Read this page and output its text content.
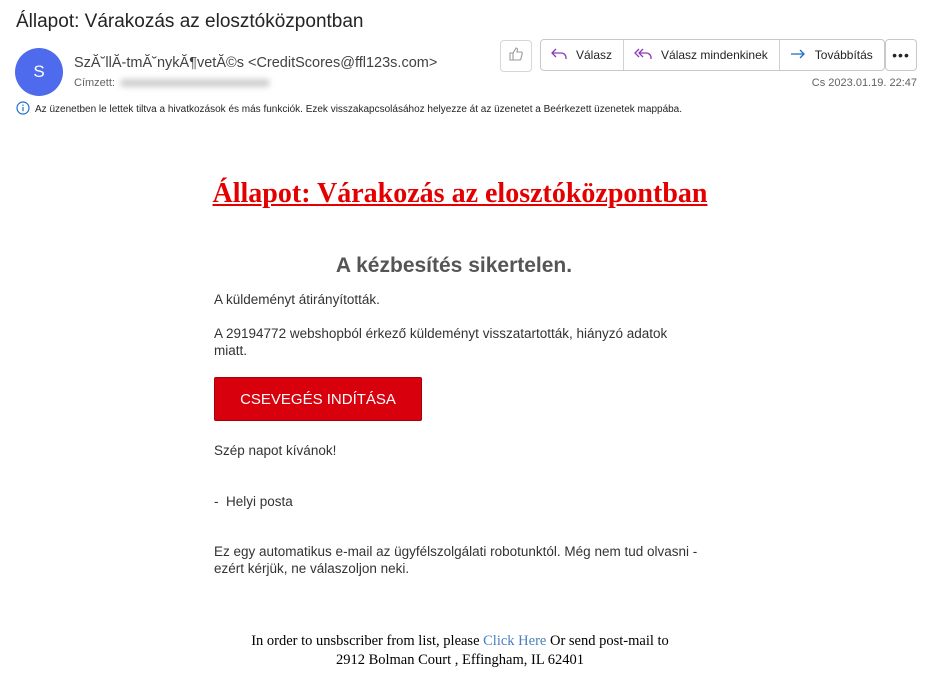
Állapot: Várakozás az elosztóközpontban
S SzĂ˘llĂ-tmĂ˘nykĂ¶vetĂ©s <CreditScores@ffl123s.com>
Címzett:
Válasz	Válasz mindenkinek	Továbbítás •••
Cs 2023.01.19. 22:47
Az üzenetben le lettek tiltva a hivatkozások és más funkciók. Ezek visszakapcsolásához helyezze át az üzenetet a Beérkezett üzenetek mappába.
Állapot: Várakozás az elosztóközpontban
A kézbesítés sikertelen.
A küldeményt átirányították.
A 29194772 webshopból érkező küldeményt visszatartották, hiányzó adatok miatt.
CSEVEGÉS INDÍTÁSA
Szép napot kívánok!
-  Helyi posta
Ez egy automatikus e-mail az ügyfélszolgálati robotunktól. Még nem tud olvasni - ezért kérjük, ne válaszoljon neki.
In order to unsbscriber from list, please Click Here Or send post-mail to
2912 Bolman Court , Effingham, IL 62401
